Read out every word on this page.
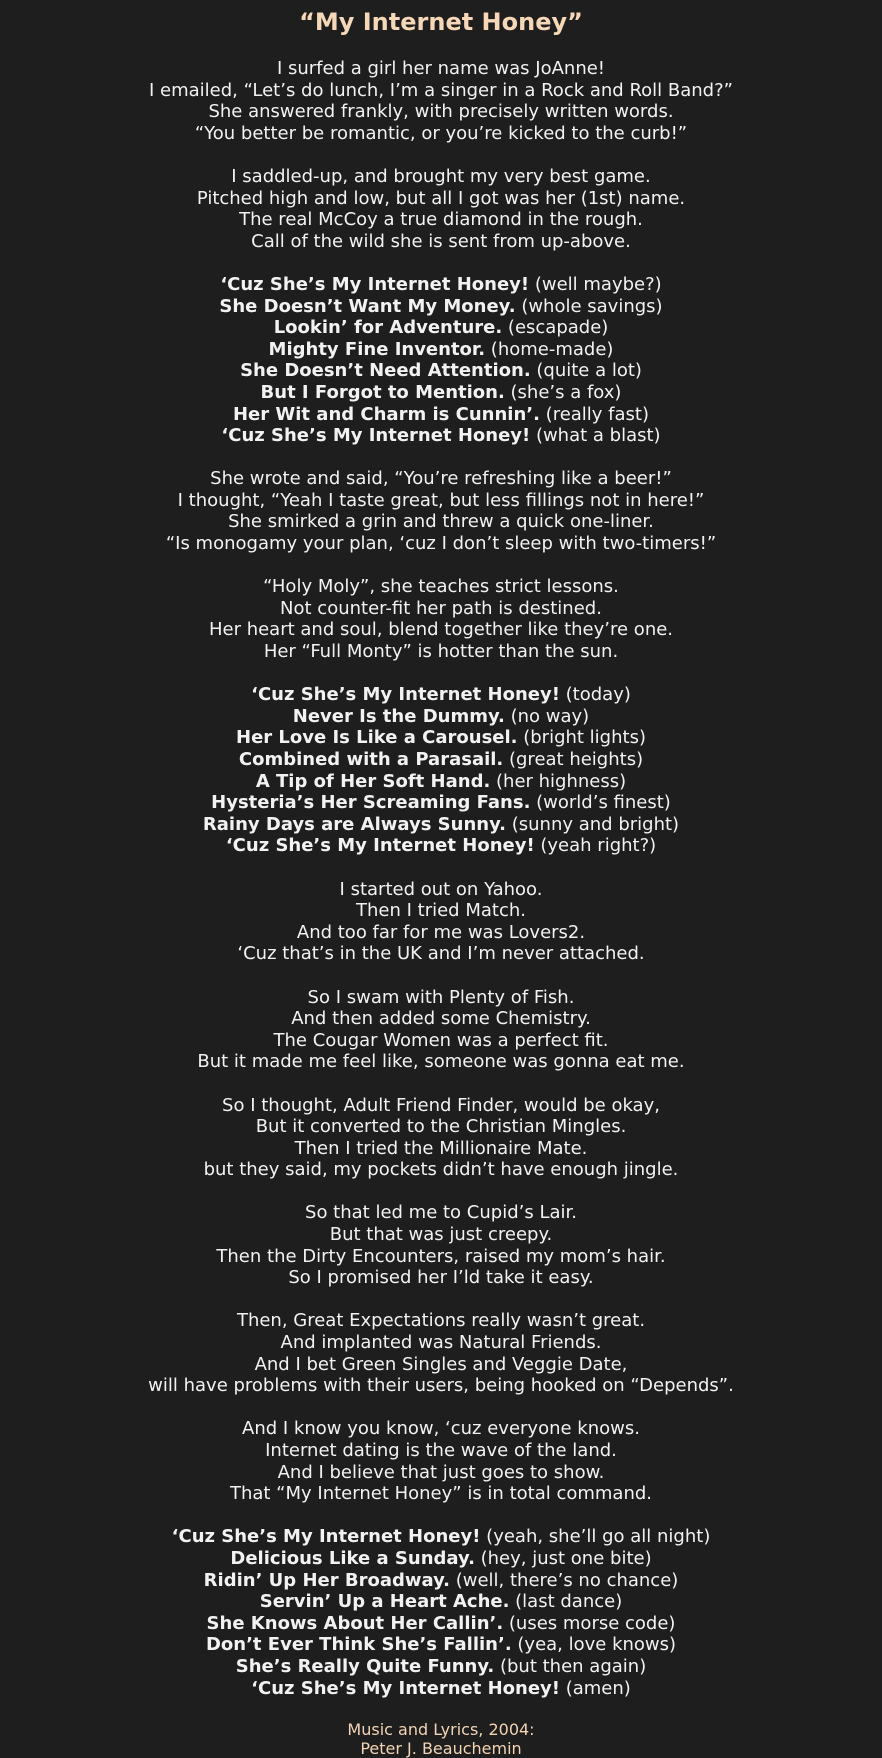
“My Internet Honey”
I surfed a girl her name was JoAnne!
I emailed, “Let’s do lunch, I’m a singer in a Rock and Roll Band?”
She answered frankly, with precisely written words.
“You better be romantic, or you’re kicked to the curb!”
I saddled-up, and brought my very best game.
Pitched high and low, but all I got was her (1st) name.
The real McCoy a true diamond in the rough.
Call of the wild she is sent from up-above.
‘Cuz She’s My Internet Honey! (well maybe?)
She Doesn’t Want My Money. (whole savings)
Lookin’ for Adventure. (escapade)
Mighty Fine Inventor. (home-made)
She Doesn’t Need Attention. (quite a lot)
But I Forgot to Mention. (she’s a fox)
Her Wit and Charm is Cunnin’. (really fast)
‘Cuz She’s My Internet Honey! (what a blast)
She wrote and said, “You’re refreshing like a beer!”
I thought, “Yeah I taste great, but less fillings not in here!”
She smirked a grin and threw a quick one-liner.
“Is monogamy your plan, ‘cuz I don’t sleep with two-timers!”
“Holy Moly”, she teaches strict lessons.
Not counter-fit her path is destined.
Her heart and soul, blend together like they’re one.
Her “Full Monty” is hotter than the sun.
‘Cuz She’s My Internet Honey! (today)
Never Is the Dummy. (no way)
Her Love Is Like a Carousel. (bright lights)
Combined with a Parasail. (great heights)
A Tip of Her Soft Hand. (her highness)
Hysteria’s Her Screaming Fans. (world’s finest)
Rainy Days are Always Sunny. (sunny and bright)
‘Cuz She’s My Internet Honey! (yeah right?)
I started out on Yahoo.
Then I tried Match.
And too far for me was Lovers2.
‘Cuz that’s in the UK and I’m never attached.
So I swam with Plenty of Fish.
And then added some Chemistry.
The Cougar Women was a perfect fit.
But it made me feel like, someone was gonna eat me.
So I thought, Adult Friend Finder, would be okay,
But it converted to the Christian Mingles.
Then I tried the Millionaire Mate.
but they said, my pockets didn’t have enough jingle.
So that led me to Cupid’s Lair.
But that was just creepy.
Then the Dirty Encounters, raised my mom’s hair.
So I promised her I’ld take it easy.
Then, Great Expectations really wasn’t great.
And implanted was Natural Friends.
And I bet Green Singles and Veggie Date,
will have problems with their users, being hooked on “Depends”.
And I know you know, ‘cuz everyone knows.
Internet dating is the wave of the land.
And I believe that just goes to show.
That “My Internet Honey” is in total command.
‘Cuz She’s My Internet Honey! (yeah, she’ll go all night)
Delicious Like a Sunday. (hey, just one bite)
Ridin’ Up Her Broadway. (well, there’s no chance)
Servin’ Up a Heart Ache. (last dance)
She Knows About Her Callin’. (uses morse code)
Don’t Ever Think She’s Fallin’. (yea, love knows)
She’s Really Quite Funny. (but then again)
‘Cuz She’s My Internet Honey! (amen)
Music and Lyrics, 2004:
Peter J. Beauchemin
